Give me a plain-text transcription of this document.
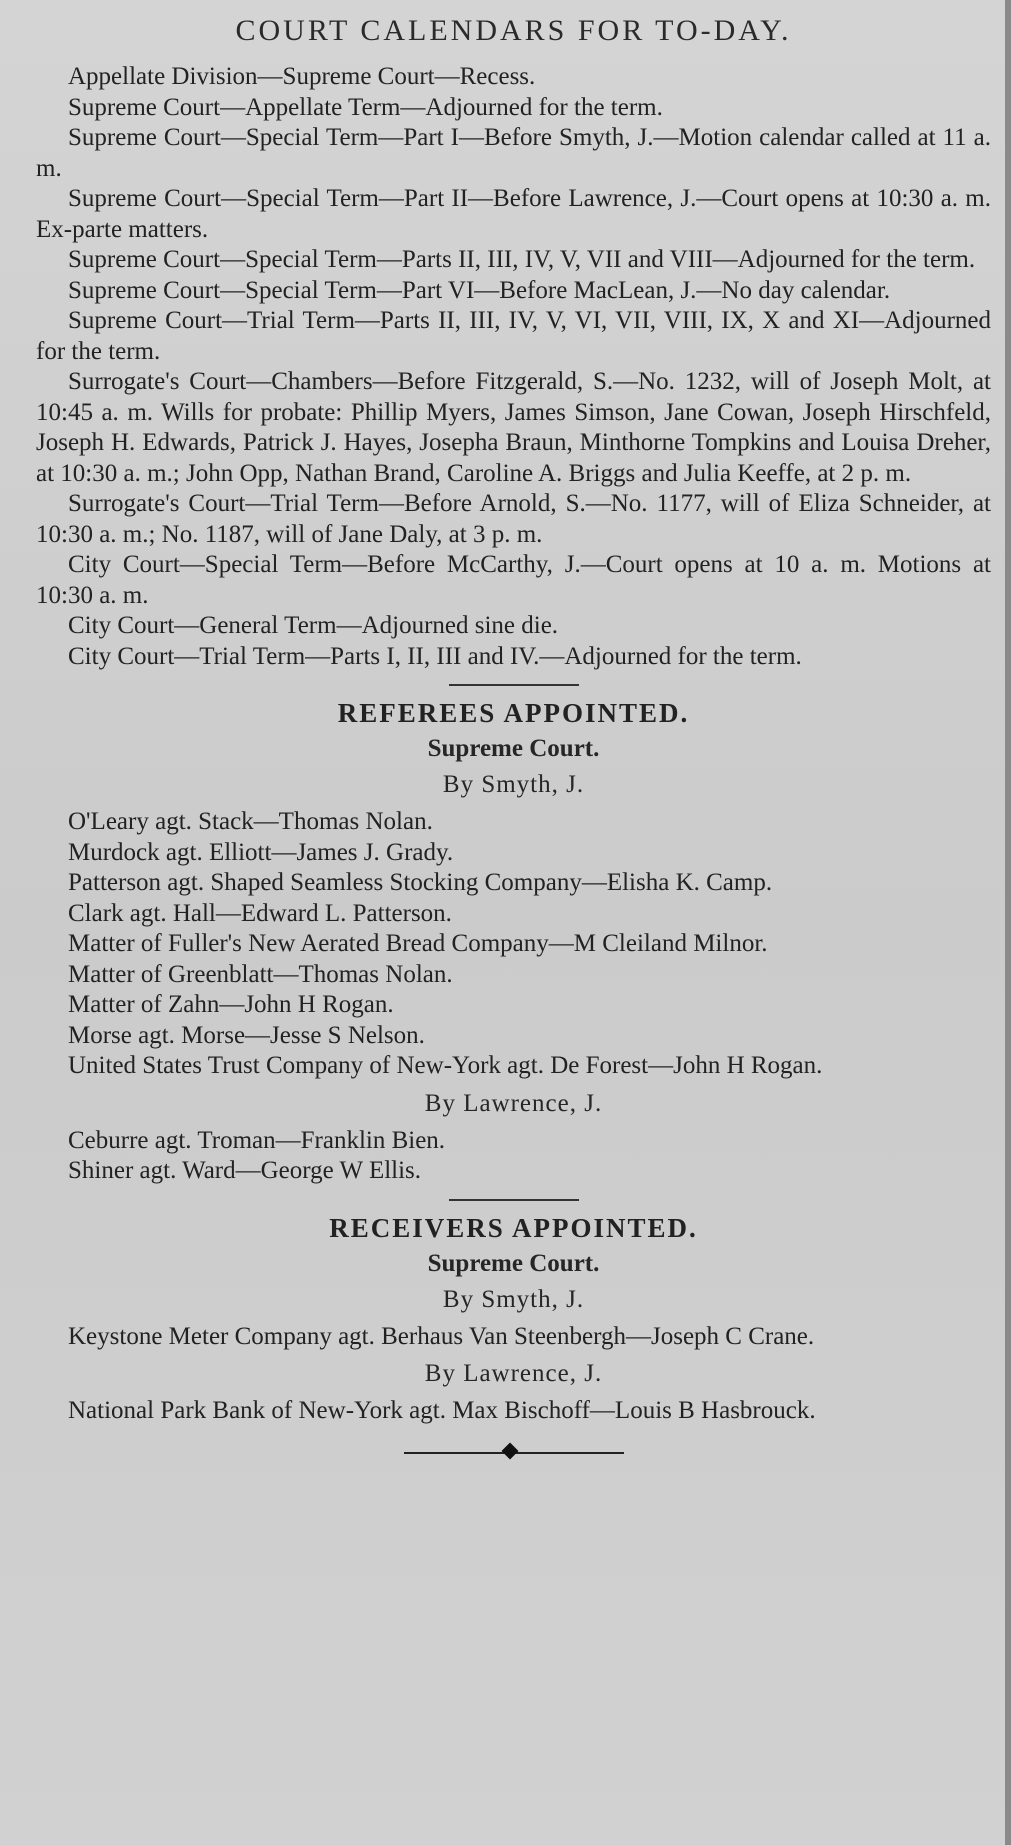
COURT CALENDARS FOR TO-DAY.

Appellate Division—Supreme Court—Recess.

Supreme Court—Appellate Term—Adjourned for the term.

Supreme Court—Special Term—Part I—Before Smyth, J.—Motion calendar called at 11 a. m.

Supreme Court—Special Term—Part II—Before Lawrence, J.—Court opens at 10:30 a. m. Ex-parte matters.

Supreme Court—Special Term—Parts II, III, IV, V, VII and VIII—Adjourned for the term.

Supreme Court—Special Term—Part VI—Before MacLean, J.—No day calendar.

Supreme Court—Trial Term—Parts II, III, IV, V, VI, VII, VIII, IX, X and XI—Adjourned for the term.

Surrogate's Court—Chambers—Before Fitzgerald, S.—No. 1232, will of Joseph Molt, at 10:45 a. m. Wills for probate: Phillip Myers, James Simson, Jane Cowan, Joseph Hirschfeld, Joseph H. Edwards, Patrick J. Hayes, Josepha Braun, Minthorne Tompkins and Louisa Dreher, at 10:30 a. m.; John Opp, Nathan Brand, Caroline A. Briggs and Julia Keeffe, at 2 p. m.

Surrogate's Court—Trial Term—Before Arnold, S.—No. 1177, will of Eliza Schneider, at 10:30 a. m.; No. 1187, will of Jane Daly, at 3 p. m.

City Court—Special Term—Before McCarthy, J.—Court opens at 10 a. m. Motions at 10:30 a. m.

City Court—General Term—Adjourned sine die.

City Court—Trial Term—Parts I, II, III and IV.—Adjourned for the term.

REFEREES APPOINTED.
Supreme Court.
By Smyth, J.

O'Leary agt. Stack—Thomas Nolan.

Murdock agt. Elliott—James J. Grady.

Patterson agt. Shaped Seamless Stocking Company—Elisha K. Camp.

Clark agt. Hall—Edward L. Patterson.

Matter of Fuller's New Aerated Bread Company—M Cleiland Milnor.

Matter of Greenblatt—Thomas Nolan.

Matter of Zahn—John H Rogan.

Morse agt. Morse—Jesse S Nelson.

United States Trust Company of New-York agt. De Forest—John H Rogan.

By Lawrence, J.

Ceburre agt. Troman—Franklin Bien.

Shiner agt. Ward—George W Ellis.

RECEIVERS APPOINTED.
Supreme Court.
By Smyth, J.

Keystone Meter Company agt. Berhaus Van Steenbergh—Joseph C Crane.

By Lawrence, J.

National Park Bank of New-York agt. Max Bischoff—Louis B Hasbrouck.
